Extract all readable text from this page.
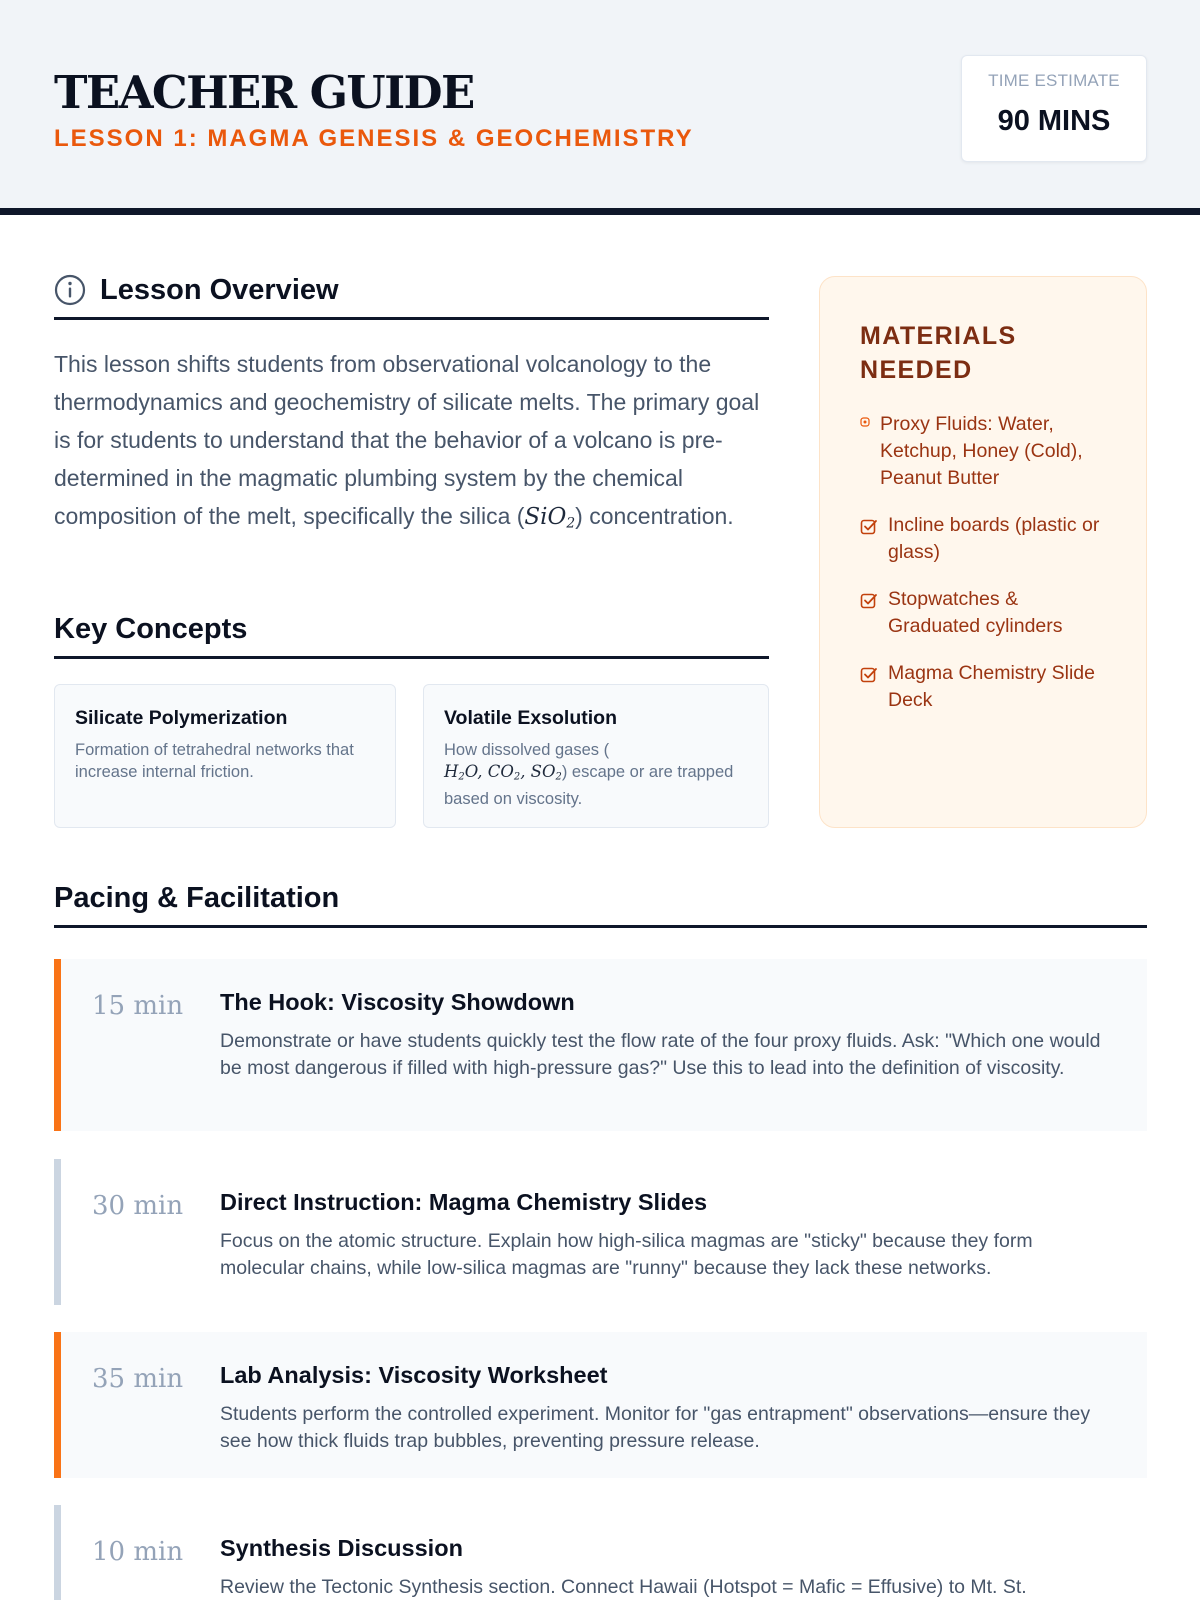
TEACHER GUIDE
LESSON 1: MAGMA GENESIS & GEOCHEMISTRY
TIME ESTIMATE
90 MINS
Lesson Overview

This lesson shifts students from observational volcanology to the thermodynamics and geochemistry of silicate melts. The primary goal is for students to understand that the behavior of a volcano is pre-determined in the magmatic plumbing system by the chemical composition of the melt, specifically the silica (SiO$_2$) concentration.

Key Concepts
Silicate Polymerization
Formation of tetrahedral networks that increase internal friction.
Volatile Exsolution
How dissolved gases (
$H_2O$, $CO_2$, $SO_2$) escape or are trapped based on viscosity.
MATERIALS NEEDED
Proxy Fluids: Water, Ketchup, Honey (Cold), Peanut Butter
Incline boards (plastic or glass)
Stopwatches & Graduated cylinders
Magma Chemistry Slide Deck
Pacing & Facilitation
15 min The Hook: Viscosity Showdown
Demonstrate or have students quickly test the flow rate of the four proxy fluids. Ask: "Which one would be most dangerous if filled with high-pressure gas?" Use this to lead into the definition of viscosity.
30 min Direct Instruction: Magma Chemistry Slides
Focus on the atomic structure. Explain how high-silica magmas are "sticky" because they form molecular chains, while low-silica magmas are "runny" because they lack these networks.
35 min Lab Analysis: Viscosity Worksheet
Students perform the controlled experiment. Monitor for "gas entrapment" observations—ensure they see how thick fluids trap bubbles, preventing pressure release.
10 min Synthesis Discussion
Review the Tectonic Synthesis section. Connect Hawaii (Hotspot = Mafic = Effusive) to Mt. St.
